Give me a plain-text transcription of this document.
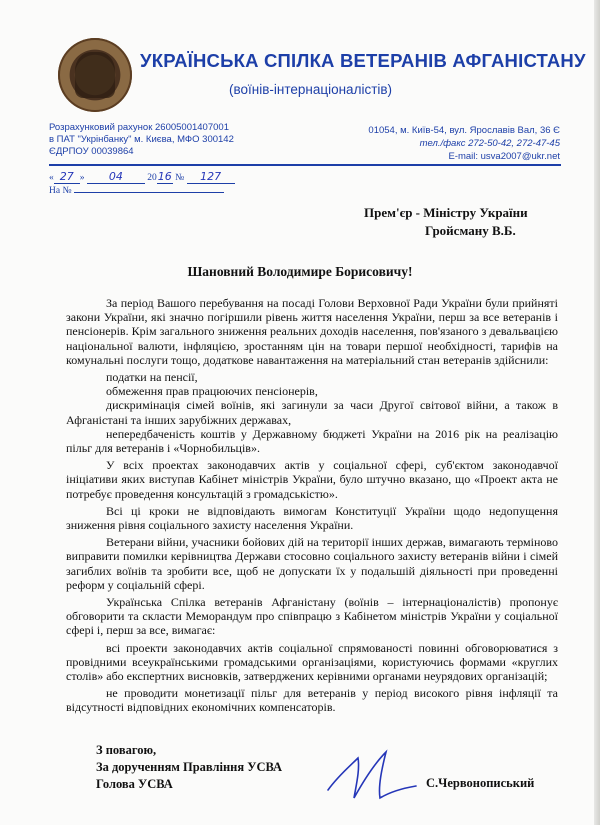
УКРАЇНСЬКА СПІЛКА ВЕТЕРАНІВ АФГАНІСТАНУ
(воїнів-інтернаціоналістів)
Розрахунковий рахунок 26005001407001
в ПАТ "Укрінбанку" м. Києва, МФО 300142
ЄДРПОУ 00039864
01054, м. Київ-54, вул. Ярославів Вал, 36 Є
тел./факс 272-50-42, 272-47-45
E-mail: usva2007@ukr.net
« 27 » 04	2016 № 127
На №
Прем'єр - Міністру України
Гройсману В.Б.
Шановний Володимире Борисовичу!

За період Вашого перебування на посаді Голови Верховної Ради України були прийняті закони України, які значно погіршили рівень життя населення України, перш за все ветеранів і пенсіонерів. Крім загального зниження реальних доходів населення, пов'язаного з девальвацією національної валюти, інфляцією, зростанням цін на товари першої необхідності, тарифів на комунальні послуги тощо, додаткове навантаження на матеріальний стан ветеранів здійснили:

податки на пенсії,
обмеження прав працюючих пенсіонерів,
дискримінація сімей воїнів, які загинули за часи Другої світової війни, а також в Афганістані та інших зарубіжних державах,

непередбаченість коштів у Державному бюджеті України на 2016 рік на реалізацію пільг для ветеранів і «Чорнобильців».

У всіх проектах законодавчих актів у соціальної сфері, суб'єктом законодавчої ініціативи яких виступав Кабінет міністрів України, було штучно вказано, що «Проект акта не потребує проведення консультацій з громадськістю».

Всі ці кроки не відповідають вимогам Конституції України щодо недопущення зниження рівня соціального захисту населення України.

Ветерани війни, учасники бойових дій на території інших держав, вимагають терміново виправити помилки керівництва Держави стосовно соціального захисту ветеранів війни і сімей загиблих воїнів та зробити все, щоб не допускати їх у подальшій діяльності при проведенні реформ у соціальній сфері.

Українська Спілка ветеранів Афганістану (воїнів – інтернаціоналістів) пропонує обговорити та скласти Меморандум про співпрацю з Кабінетом міністрів України у соціальної сфері і, перш за все, вимагає:

всі проекти законодавчих актів соціальної спрямованості повинні обговорюватися з провідними всеукраїнськими громадськими організаціями, користуючись формами «круглих столів» або експертних висновків, затверджених керівними органами неурядових організацій;

не проводити монетизації пільг для ветеранів у період високого рівня інфляції та відсутності відповідних економічних компенсаторів.

З повагою,
За дорученням Правління УСВА
Голова УСВА	С.Червонописький
